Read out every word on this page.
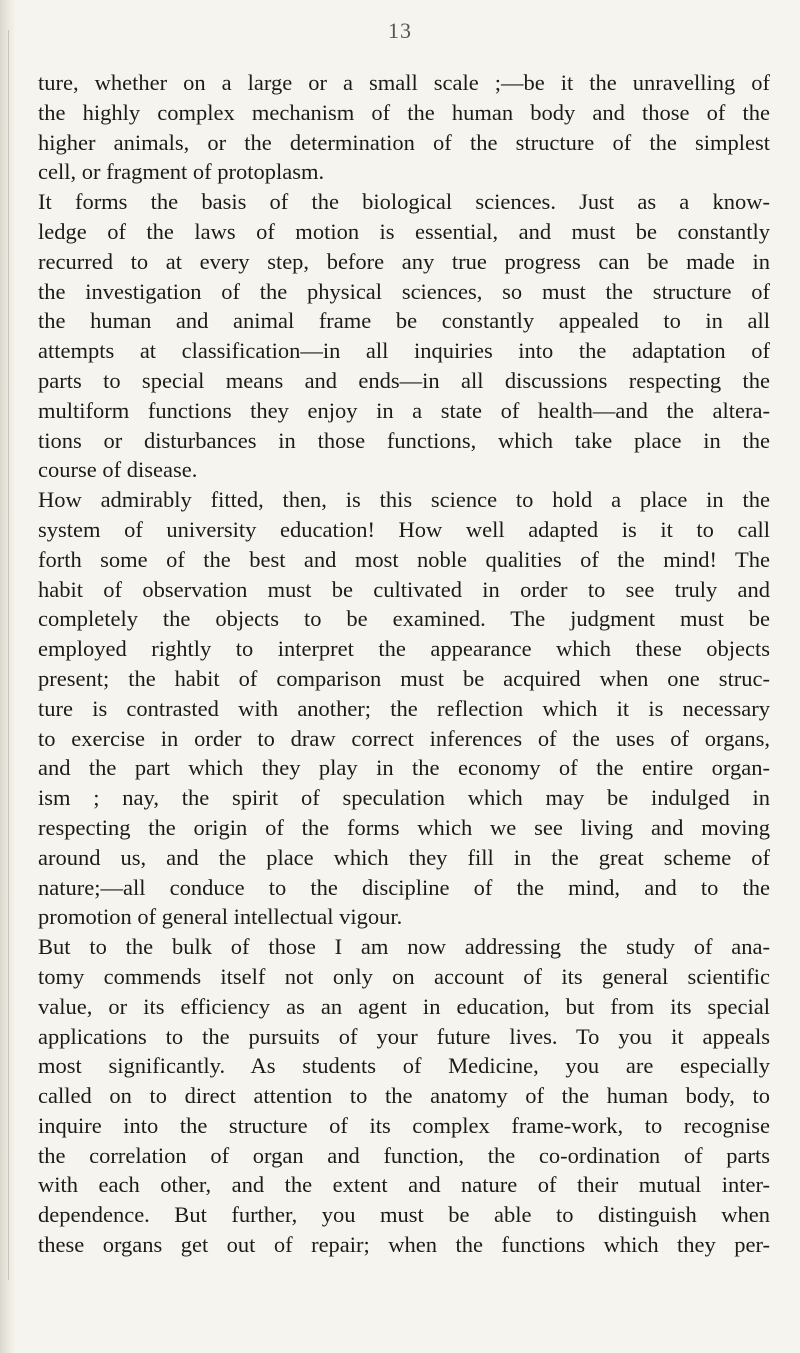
13
ture, whether on a large or a small scale ;—be it the unravelling of
the highly complex mechanism of the human body and those of the
higher animals, or the determination of the structure of the simplest
cell, or fragment of protoplasm.
It forms the basis of the biological sciences. Just as a know-
ledge of the laws of motion is essential, and must be constantly
recurred to at every step, before any true progress can be made in
the investigation of the physical sciences, so must the structure of
the human and animal frame be constantly appealed to in all
attempts at classification—in all inquiries into the adaptation of
parts to special means and ends—in all discussions respecting the
multiform functions they enjoy in a state of health—and the altera-
tions or disturbances in those functions, which take place in the
course of disease.
How admirably fitted, then, is this science to hold a place in the
system of university education! How well adapted is it to call
forth some of the best and most noble qualities of the mind! The
habit of observation must be cultivated in order to see truly and
completely the objects to be examined. The judgment must be
employed rightly to interpret the appearance which these objects
present; the habit of comparison must be acquired when one struc-
ture is contrasted with another; the reflection which it is necessary
to exercise in order to draw correct inferences of the uses of organs,
and the part which they play in the economy of the entire organ-
ism ; nay, the spirit of speculation which may be indulged in
respecting the origin of the forms which we see living and moving
around us, and the place which they fill in the great scheme of
nature;—all conduce to the discipline of the mind, and to the
promotion of general intellectual vigour.
But to the bulk of those I am now addressing the study of ana-
tomy commends itself not only on account of its general scientific
value, or its efficiency as an agent in education, but from its special
applications to the pursuits of your future lives. To you it appeals
most significantly. As students of Medicine, you are especially
called on to direct attention to the anatomy of the human body, to
inquire into the structure of its complex frame-work, to recognise
the correlation of organ and function, the co-ordination of parts
with each other, and the extent and nature of their mutual inter-
dependence. But further, you must be able to distinguish when
these organs get out of repair; when the functions which they per-
